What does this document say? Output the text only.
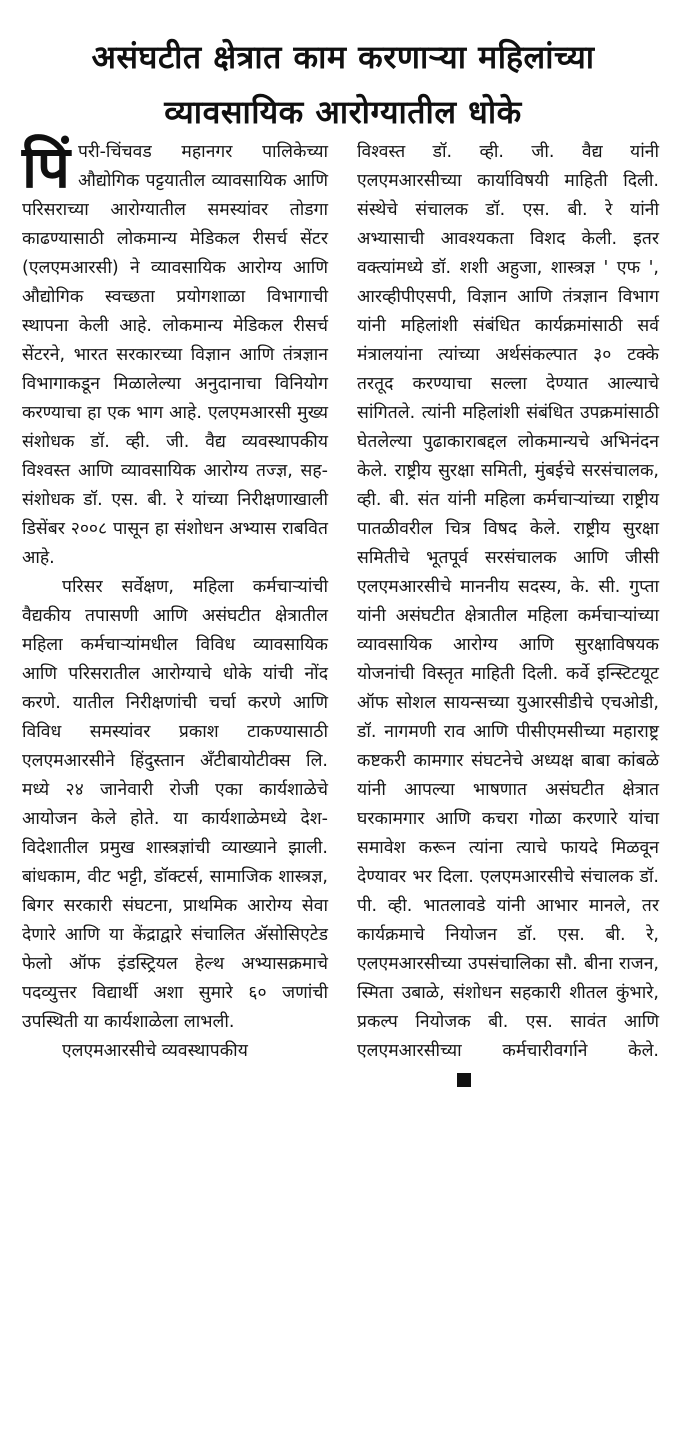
असंघटीत क्षेत्रात काम करणाऱ्या महिलांच्या
व्यावसायिक आरोग्यातील धोके

पिंपरी-चिंचवड महानगर पालिकेच्या औद्योगिक पट्टयातील व्यावसायिक आणि परिसराच्या आरोग्यातील समस्यांवर तोडगा काढण्यासाठी लोकमान्य मेडिकल रीसर्च सेंटर (एलएमआरसी) ने व्यावसायिक आरोग्य आणि औद्योगिक स्वच्छता प्रयोगशाळा विभागाची स्थापना केली आहे. लोकमान्य मेडिकल रीसर्च सेंटरने, भारत सरकारच्या विज्ञान आणि तंत्रज्ञान विभागाकडून मिळालेल्या अनुदानाचा विनियोग करण्याचा हा एक भाग आहे. एलएमआरसी मुख्य संशोधक डॉ. व्ही. जी. वैद्य व्यवस्थापकीय विश्वस्त आणि व्यावसायिक आरोग्य तज्ज्ञ, सह-संशोधक डॉ. एस. बी. रे यांच्या निरीक्षणाखाली डिसेंबर २००८ पासून हा संशोधन अभ्यास राबवित आहे.

परिसर सर्वेक्षण, महिला कर्मचाऱ्यांची वैद्यकीय तपासणी आणि असंघटीत क्षेत्रातील महिला कर्मचाऱ्यांमधील विविध व्यावसायिक आणि परिसरातील आरोग्याचे धोके यांची नोंद करणे. यातील निरीक्षणांची चर्चा करणे आणि विविध समस्यांवर प्रकाश टाकण्यासाठी एलएमआरसीने हिंदुस्तान अँटीबायोटीक्स लि. मध्ये २४ जानेवारी रोजी एका कार्यशाळेचे आयोजन केले होते. या कार्यशाळेमध्ये देश-विदेशातील प्रमुख शास्त्रज्ञांची व्याख्याने झाली. बांधकाम, वीट भट्टी, डॉक्टर्स, सामाजिक शास्त्रज्ञ, बिगर सरकारी संघटना, प्राथमिक आरोग्य सेवा देणारे आणि या केंद्राद्वारे संचालित ॲसोसिएटेड फेलो ऑफ इंडस्ट्रियल हेल्थ अभ्यासक्रमाचे पदव्युत्तर विद्यार्थी अशा सुमारे ६० जणांची उपस्थिती या कार्यशाळेला लाभली.

एलएमआरसीचे व्यवस्थापकीय

विश्वस्त डॉ. व्ही. जी. वैद्य यांनी एलएमआरसीच्या कार्याविषयी माहिती दिली. संस्थेचे संचालक डॉ. एस. बी. रे यांनी अभ्यासाची आवश्यकता विशद केली. इतर वक्त्यांमध्ये डॉ. शशी अहुजा, शास्त्रज्ञ ' एफ ', आरव्हीपीएसपी, विज्ञान आणि तंत्रज्ञान विभाग यांनी महिलांशी संबंधित कार्यक्रमांसाठी सर्व मंत्रालयांना त्यांच्या अर्थसंकल्पात ३० टक्के तरतूद करण्याचा सल्ला देण्यात आल्याचे सांगितले. त्यांनी महिलांशी संबंधित उपक्रमांसाठी घेतलेल्या पुढाकाराबद्दल लोकमान्यचे अभिनंदन केले. राष्ट्रीय सुरक्षा समिती, मुंबईचे सरसंचालक, व्ही. बी. संत यांनी महिला कर्मचाऱ्यांच्या राष्ट्रीय पातळीवरील चित्र विषद केले. राष्ट्रीय सुरक्षा समितीचे भूतपूर्व सरसंचालक आणि जीसी एलएमआरसीचे माननीय सदस्य, के. सी. गुप्ता यांनी असंघटीत क्षेत्रातील महिला कर्मचाऱ्यांच्या व्यावसायिक आरोग्य आणि सुरक्षाविषयक योजनांची विस्तृत माहिती दिली. कर्वे इन्स्टिटयूट ऑफ सोशल सायन्सच्या युआरसीडीचे एचओडी, डॉ. नागमणी राव आणि पीसीएमसीच्या महाराष्ट्र कष्टकरी कामगार संघटनेचे अध्यक्ष बाबा कांबळे यांनी आपल्या भाषणात असंघटीत क्षेत्रात घरकामगार आणि कचरा गोळा करणारे यांचा समावेश करून त्यांना त्याचे फायदे मिळवून देण्यावर भर दिला. एलएमआरसीचे संचालक डॉ. पी. व्ही. भातलावडे यांनी आभार मानले, तर कार्यक्रमाचे नियोजन डॉ. एस. बी. रे, एलएमआरसीच्या उपसंचालिका सौ. बीना राजन, स्मिता उबाळे, संशोधन सहकारी शीतल कुंभारे, प्रकल्प नियोजक बी. एस. सावंत आणि एलएमआरसीच्या कर्मचारीवर्गाने केले.
